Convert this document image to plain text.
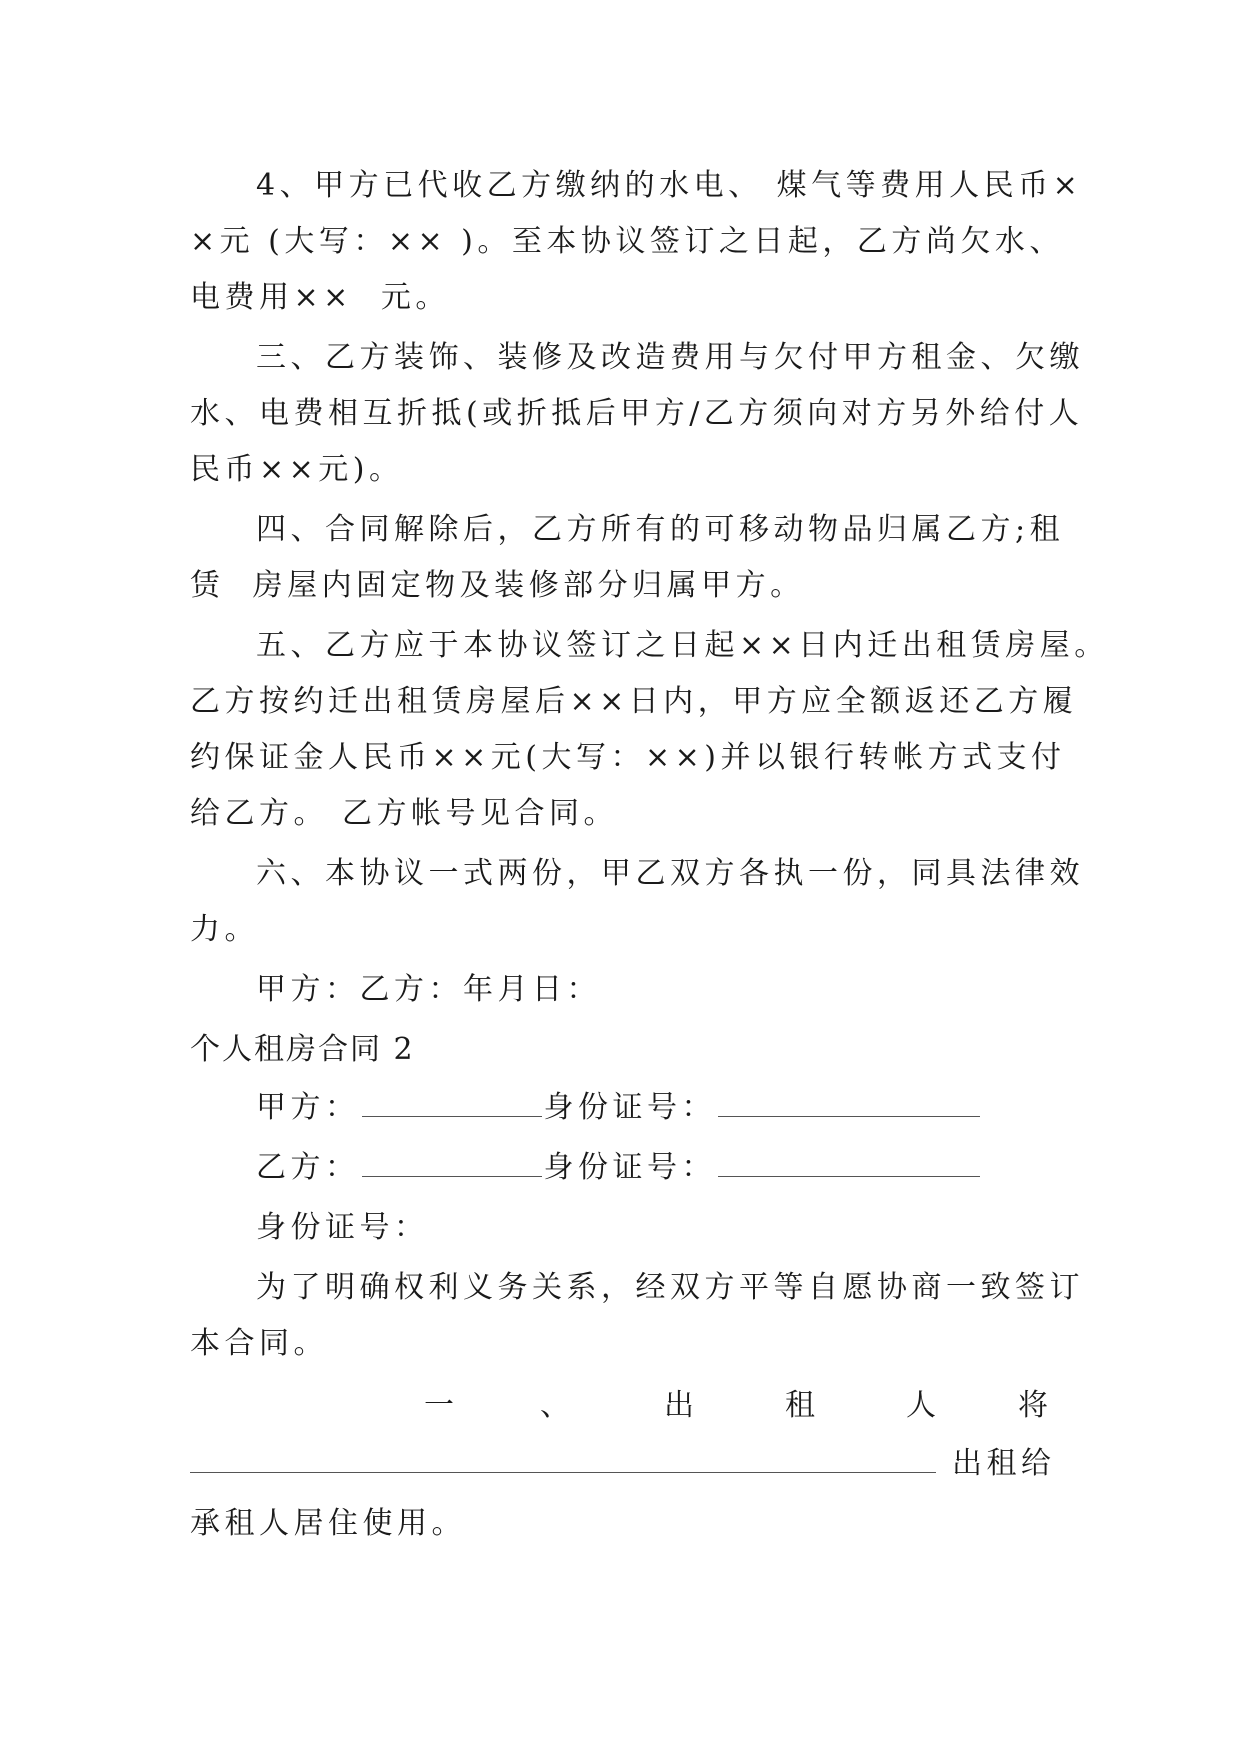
4、甲方已代收乙方缴纳的水电、 煤气等费用人民币×
×元 (大写：×× )。至本协议签订之日起，乙方尚欠水、
电费用××  元。
三、乙方装饰、装修及改造费用与欠付甲方租金、欠缴
水、电费相互折抵(或折抵后甲方/乙方须向对方另外给付人
民币××元)。
四、合同解除后，乙方所有的可移动物品归属乙方;租
赁  房屋内固定物及装修部分归属甲方。
五、乙方应于本协议签订之日起××日内迁出租赁房屋。
乙方按约迁出租赁房屋后××日内，甲方应全额返还乙方履
约保证金人民币××元(大写：××)并以银行转帐方式支付
给乙方。 乙方帐号见合同。
六、本协议一式两份，甲乙双方各执一份，同具法律效
力。
甲方：乙方：年月日：
个人租房合同 2
甲方：	身份证号：
乙方：	身份证号：
身份证号：
为了明确权利义务关系，经双方平等自愿协商一致签订
本合同。
一	、	出	租	人	将
出租给
承租人居住使用。
